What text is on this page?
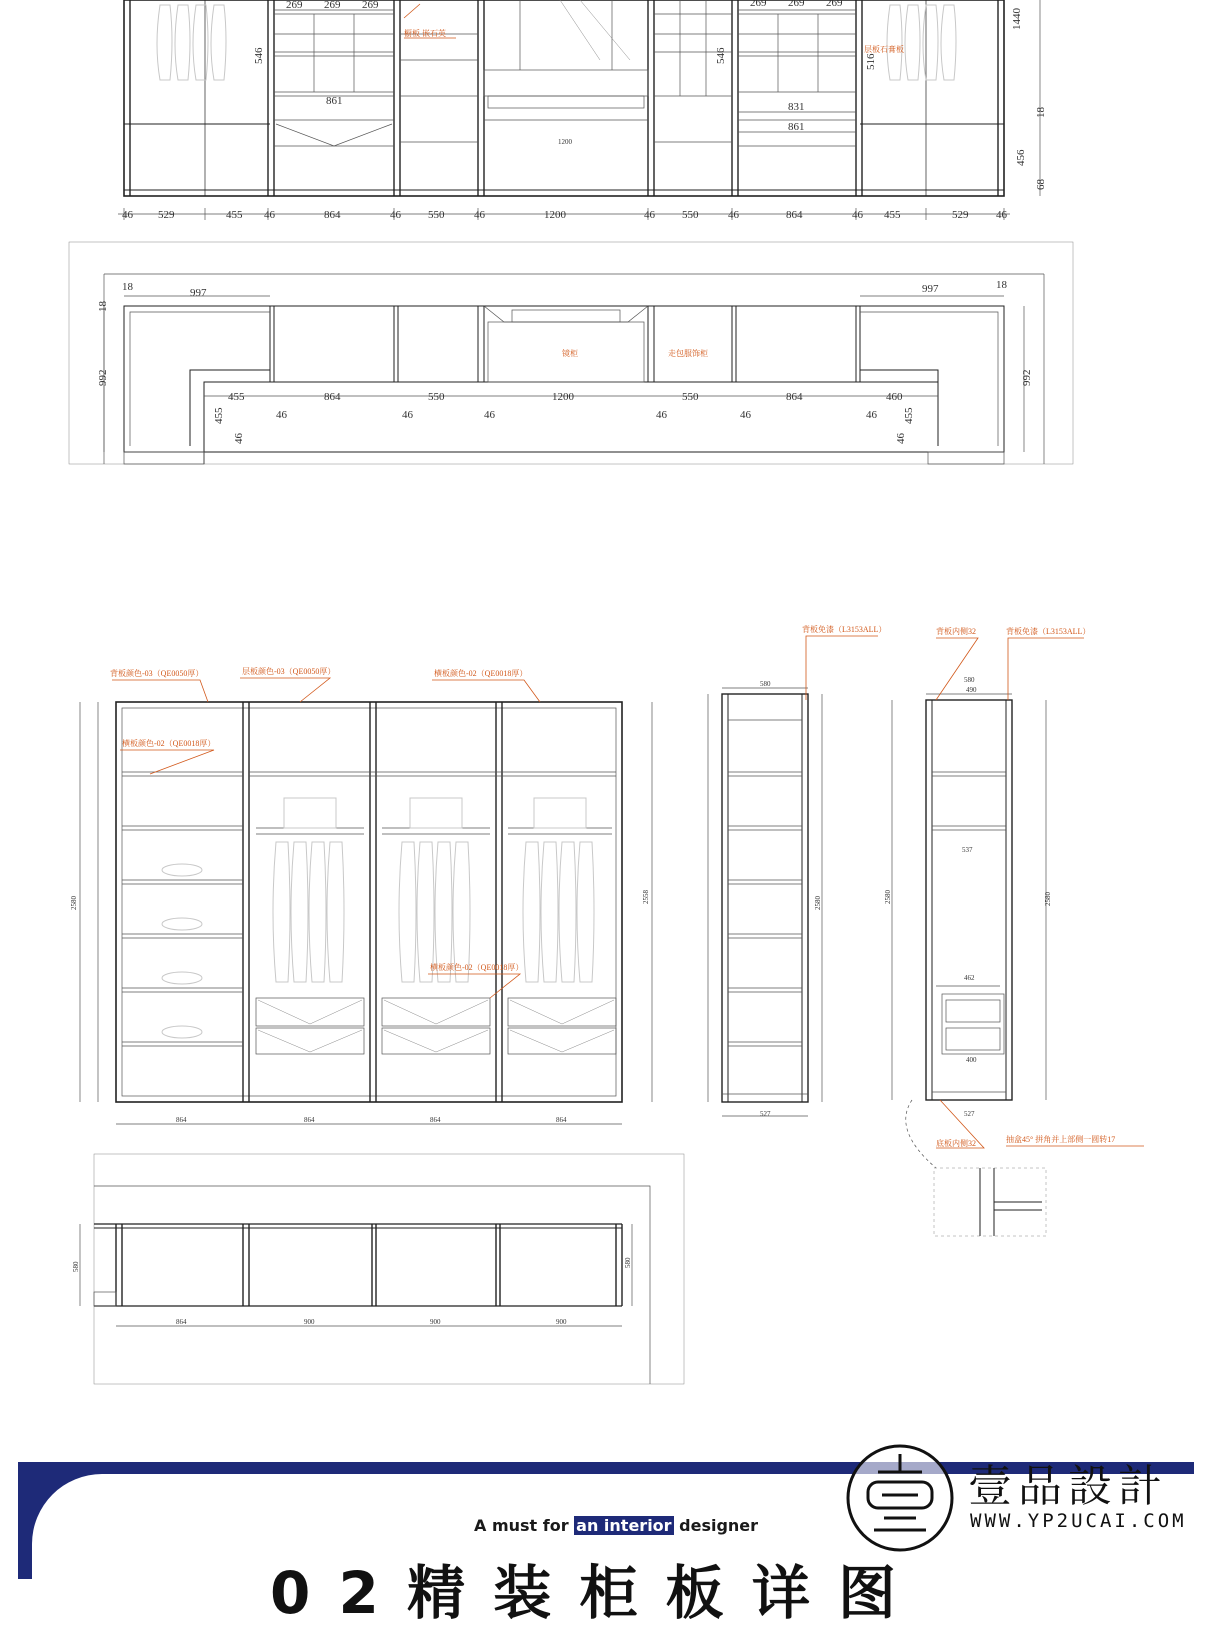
46 529	455 46	864	46 550	46	1200	46 550	46	864	46 455	529	46
269 269 269
546
861
269 269 269
546	516
831
861
1200
橱板 嵌石英
层板石膏板
1440
18
456
68
18	997	997	18
18
992	992
455	864	550	1200	550	864	460
455	455
46	46	46	46	46	46
46	46
镜柜	走包服饰柜
2580	2558
864	864	864	864
背板颜色-03（QE0050厚）	层板颜色-03（QE0050厚）	横板颜色-02（QE0018厚）
横板颜色-02（QE0018厚）
横板颜色-02（QE0018厚）
580
527
2580
背板免漆（L3153ALL）
580
490
537
462
400
527
2580	2580
背板内侧32	背板免漆（L3153ALL）
底板内侧32	抽盒45° 拼角并上部侧一圆转17
864	900	900	900
580	580
A must for an interior designer
0 2 精 装 柜 板 详 图
壹品設計
WWW.YP2UCAI.COM
